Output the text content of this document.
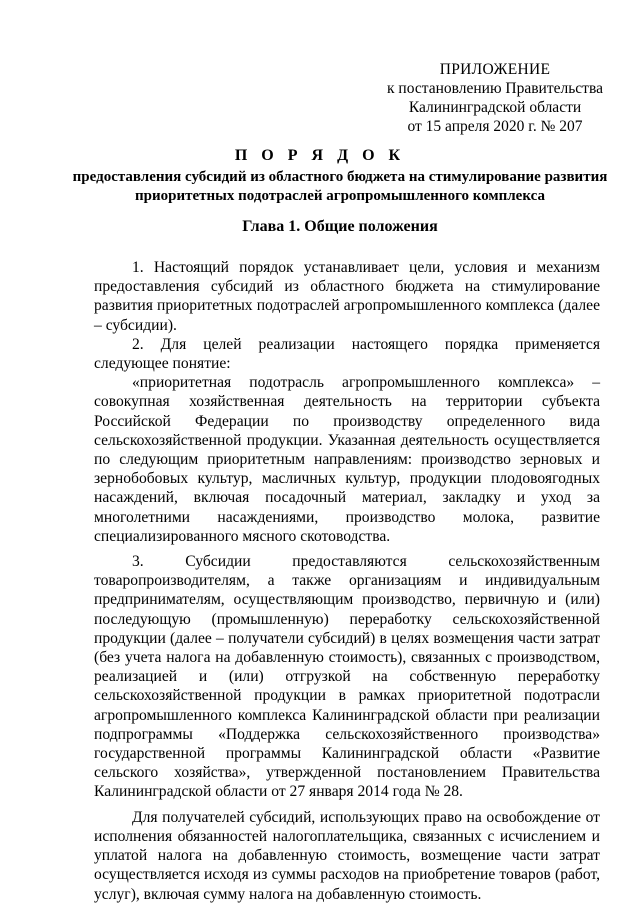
ПРИЛОЖЕНИЕ
к постановлению Правительства
Калининградской области
от 15 апреля 2020 г. № 207
П О Р Я Д О К
предоставления субсидий из областного бюджета на стимулирование развития приоритетных подотраслей агропромышленного комплекса
Глава 1. Общие положения

1. Настоящий порядок устанавливает цели, условия и механизм предоставления субсидий из областного бюджета на стимулирование развития приоритетных подотраслей агропромышленного комплекса (далее – субсидии).

2. Для целей реализации настоящего порядка применяется следующее понятие:

«приоритетная подотрасль агропромышленного комплекса» – совокупная хозяйственная деятельность на территории субъекта Российской Федерации по производству определенного вида сельскохозяйственной продукции. Указанная деятельность осуществляется по следующим приоритетным направлениям: производство зерновых и зернобобовых культур, масличных культур, продукции плодовоягодных насаждений, включая посадочный материал, закладку и уход за многолетними насаждениями, производство молока, развитие специализированного мясного скотоводства.

3. Субсидии предоставляются сельскохозяйственным товаропроизводителям, а также организациям и индивидуальным предпринимателям, осуществляющим производство, первичную и (или) последующую (промышленную) переработку сельскохозяйственной продукции (далее – получатели субсидий) в целях возмещения части затрат (без учета налога на добавленную стоимость), связанных с производством, реализацией и (или) отгрузкой на собственную переработку сельскохозяйственной продукции в рамках приоритетной подотрасли агропромышленного комплекса Калининградской области при реализации подпрограммы «Поддержка сельскохозяйственного производства» государственной программы Калининградской области «Развитие сельского хозяйства», утвержденной постановлением Правительства Калининградской области от 27 января 2014 года № 28.

Для получателей субсидий, использующих право на освобождение от исполнения обязанностей налогоплательщика, связанных с исчислением и уплатой налога на добавленную стоимость, возмещение части затрат осуществляется исходя из суммы расходов на приобретение товаров (работ, услуг), включая сумму налога на добавленную стоимость.
